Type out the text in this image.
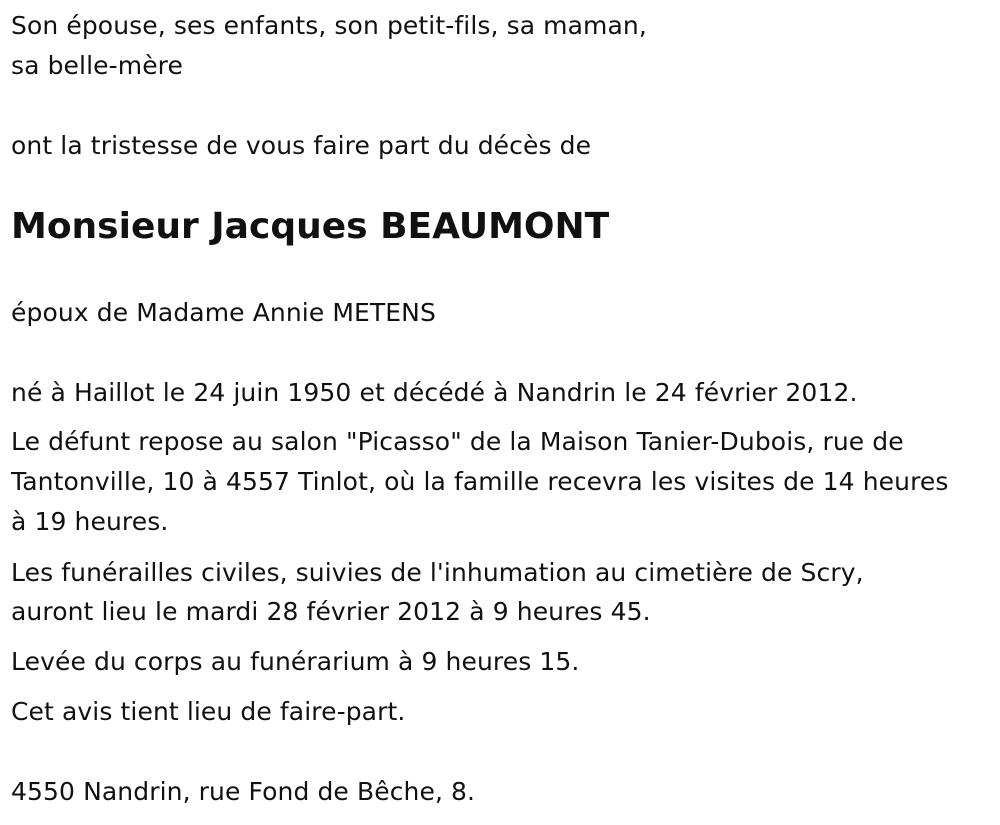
Son épouse, ses enfants, son petit-fils, sa maman,
sa belle-mère
ont la tristesse de vous faire part du décès de
Monsieur Jacques BEAUMONT
époux de Madame Annie METENS
né à Haillot le 24 juin 1950 et décédé à Nandrin le 24 février 2012.
Le défunt repose au salon "Picasso" de la Maison Tanier-Dubois, rue de
Tantonville, 10 à 4557 Tinlot, où la famille recevra les visites de 14 heures
à 19 heures.
Les funérailles civiles, suivies de l'inhumation au cimetière de Scry,
auront lieu le mardi 28 février 2012 à 9 heures 45.
Levée du corps au funérarium à 9 heures 15.
Cet avis tient lieu de faire-part.
4550 Nandrin, rue Fond de Bêche, 8.
